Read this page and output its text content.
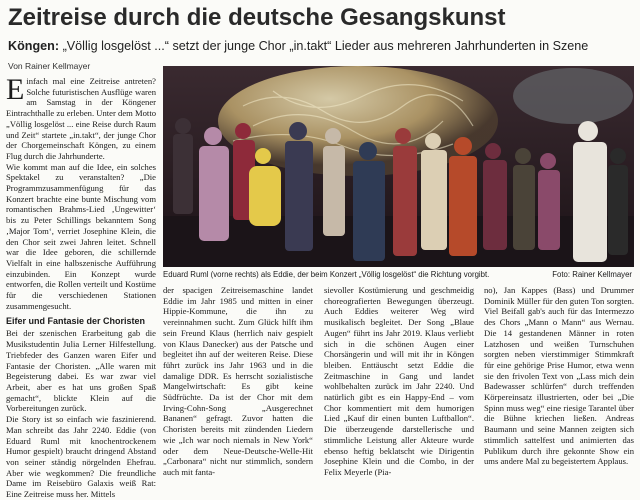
Zeitreise durch die deutsche Gesangskunst
Köngen: „Völlig losgelöst ...“ setzt der junge Chor „in.takt“ Lieder aus mehreren Jahrhunderten in Szene
Von Rainer Kellmayer
E infach mal eine Zeitreise antreten? Solche futuristischen Ausflüge waren am Samstag in der Köngener Eintrachthalle zu erleben. Unter dem Motto „Völlig losgelöst ... eine Reise durch Raum und Zeit“ startete „in.takt“, der junge Chor der Chorgemeinschaft Köngen, zu einem Flug durch die Jahrhunderte.

Wie kommt man auf die Idee, ein solches Spektakel zu veranstalten? „Die Programmzusammenfügung für das Konzert brachte eine bunte Mischung vom romantischen Brahms-Lied ‚Ungewitter‘ bis zu Peter Schillings bekanntem Song ‚Major Tom‘, verriet Josephine Klein, die den Chor seit zwei Jahren leitet. Schnell war die Idee geboren, die schillernde Vielfalt in eine halbszenische Aufführung einzubinden. Ein Konzept wurde entworfen, die Rollen verteilt und Kostüme für die verschiedenen Stationen zusammengesucht.

Eifer und Fantasie der Choristen

Bei der szenischen Erarbeitung gab die Musikstudentin Julia Lerner Hilfestellung. Triebfeder des Ganzen waren Eifer und Fantasie der Choristen. „Alle waren mit Begeisterung dabei. Es war zwar viel Arbeit, aber es hat uns großen Spaß gemacht“, blickte Klein auf die Vorbereitungen zurück.

Die Story ist so einfach wie faszinierend. Man schreibt das Jahr 2240. Eddie (von Eduard Ruml mit knochentrockenem Humor gespielt) braucht dringend Abstand von seiner ständig nörgelnden Ehefrau. Aber wie wegkommen? Die freundliche Dame im Reisebüro Galaxis weiß Rat: Eine Zeitreise muss her. Mittels

Eduard Ruml (vorne rechts) als Eddie, der beim Konzert „Völlig losgelöst“ die Richtung vorgibt.	Foto: Rainer Kellmayer

der spacigen Zeitreisemaschine landet Eddie im Jahr 1985 und mitten in einer Hippie-Kommune, die ihn zu vereinnahmen sucht. Zum Glück hilft ihm sein Freund Klaus (herrlich naiv gespielt von Klaus Danecker) aus der Patsche und begleitet ihn auf der weiteren Reise. Diese führt zurück ins Jahr 1963 und in die damalige DDR. Es herrscht sozialistische Mangelwirtschaft: Es gibt keine Südfrüchte. Da ist der Chor mit dem Irving-Cohn-Song „Ausgerechnet Bananen“ gefragt. Zuvor hatten die Choristen bereits mit zündenden Liedern wie „Ich war noch niemals in New York“ oder dem Neue-Deutsche-Welle-Hit „Carbonara“ nicht nur stimmlich, sondern auch mit fanta-

sievoller Kostümierung und geschmeidig choreografierten Bewegungen überzeugt. Auch Eddies weiterer Weg wird musikalisch begleitet. Der Song „Blaue Augen“ führt ins Jahr 2019. Klaus verliebt sich in die schönen Augen einer Chorsängerin und will mit ihr in Köngen bleiben. Enttäuscht setzt Eddie die Zeitmaschine in Gang und landet wohlbehalten zurück im Jahr 2240. Und natürlich gibt es ein Happy-End – vom Chor kommentiert mit dem humorigen Lied „Kauf dir einen bunten Luftballon“. Die überzeugende darstellerische und stimmliche Leistung aller Akteure wurde ebenso heftig beklatscht wie Dirigentin Josephine Klein und die Combo, in der Felix Meyerle (Pia-

no), Jan Kappes (Bass) und Drummer Dominik Müller für den guten Ton sorgten. Viel Beifall gab's auch für das Intermezzo des Chors „Mann o Mann“ aus Wernau. Die 14 gestandenen Männer in roten Latzhosen und weißen Turnschuhen sorgten neben vierstimmiger Stimmkraft für eine gehörige Prise Humor, etwa wenn sie den frivolen Text von „Lass mich dein Badewasser schlürfen“ durch treffenden Körpereinsatz illustrierten, oder bei „Die Spinn muss weg“ eine riesige Tarantel über die Bühne kriechen ließen. Andreas Baumann und seine Mannen zeigten sich stimmlich sattelfest und animierten das Publikum durch ihre gekonnte Show ein ums andere Mal zu begeistertem Applaus.
